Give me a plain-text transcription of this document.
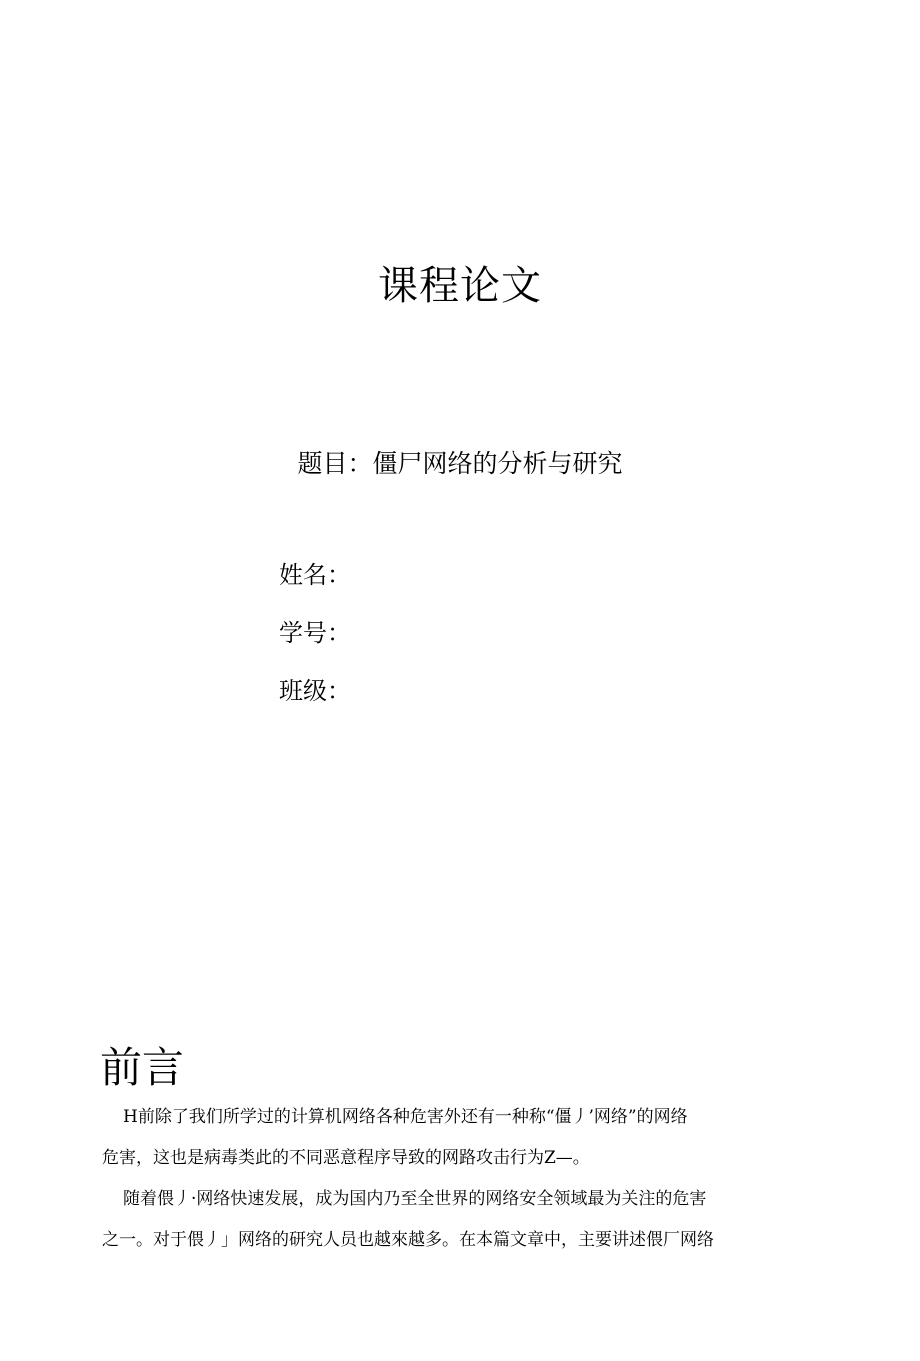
课程论文
题目：僵尸网络的分析与研究
姓名：
学号：
班级：
前言
H前除了我们所学过的计算机网络各种危害外还有一种称“僵丿’网络”的网络
危害，这也是病毒类此的不同恶意程序导致的网路攻击行为Z—。
随着偎丿·网络快速发展，成为国内乃至全世界的网络安全领域最为关注的危害
之一。对于偎丿」网络的研究人员也越來越多。在本篇文章中，主要讲述偎厂网络
